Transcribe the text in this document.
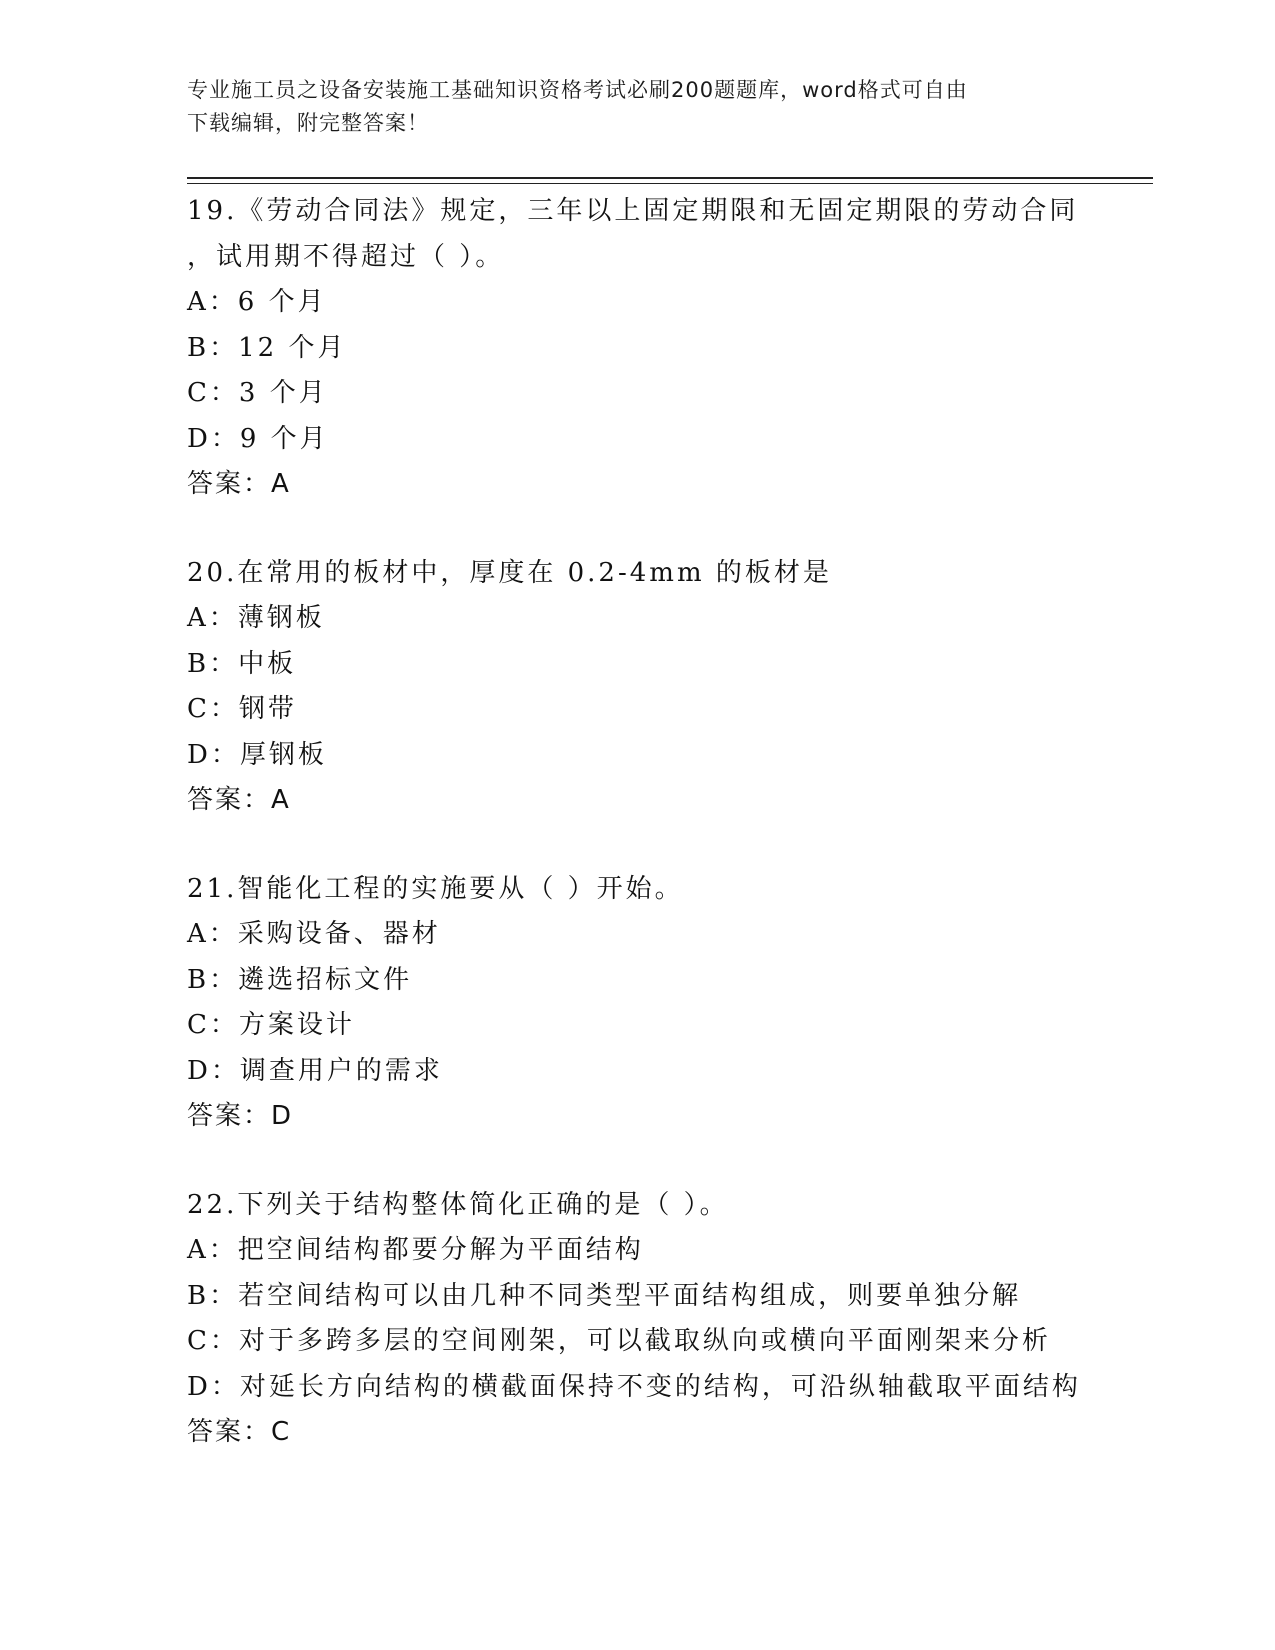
专业施工员之设备安装施工基础知识资格考试必刷200题题库，word格式可自由
下载编辑，附完整答案！
19.《劳动合同法》规定，三年以上固定期限和无固定期限的劳动合同
，试用期不得超过（ ）。
A：6 个月
B：12 个月
C：3 个月
D：9 个月
答案：A
20.在常用的板材中，厚度在 0.2-4mm 的板材是
A：薄钢板
B：中板
C：钢带
D：厚钢板
答案：A
21.智能化工程的实施要从（ ）开始。
A：采购设备、器材
B：遴选招标文件
C：方案设计
D：调查用户的需求
答案：D
22.下列关于结构整体简化正确的是（ ）。
A：把空间结构都要分解为平面结构
B：若空间结构可以由几种不同类型平面结构组成，则要单独分解
C：对于多跨多层的空间刚架，可以截取纵向或横向平面刚架来分析
D：对延长方向结构的横截面保持不变的结构，可沿纵轴截取平面结构
答案：C
